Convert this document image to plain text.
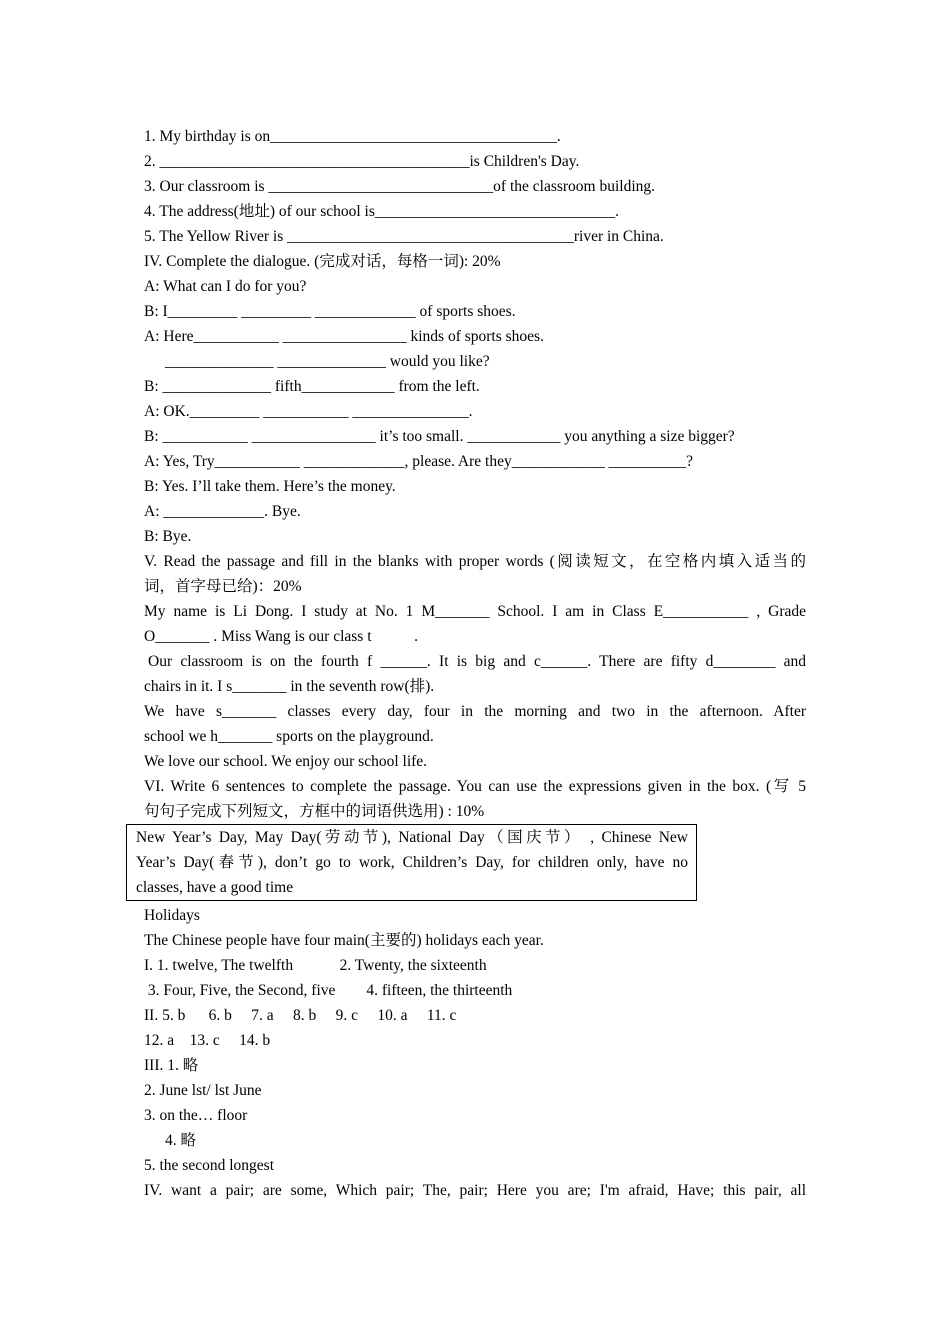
1. My birthday is on_____________________________________.
2. ________________________________________is Children's Day.
3. Our classroom is _____________________________of the classroom building.
4. The address(地址) of our school is_______________________________.
5. The Yellow River is _____________________________________river in China.
IV. Complete the dialogue. (完成对话，每格一词): 20%
A: What can I do for you?
B: I_________ _________ _____________ of sports shoes.
A: Here___________ ________________ kinds of sports shoes.
______________ ______________ would you like?
B: ______________ fifth____________ from the left.
A: OK._________ ___________ _______________.
B: ___________ ________________ it’s too small. ____________ you anything a size bigger?
A: Yes, Try___________ _____________, please. Are they____________ __________?
B: Yes. I’ll take them. Here’s the money.
A: _____________. Bye.
B: Bye.
V. Read the passage and fill in the blanks with proper words (阅读短文，在空格内填入适当的
词，首字母已给)：20%
My name is Li Dong. I study at No. 1 M_______ School. I am in Class E___________ , Grade
O_______ . Miss Wang is our class t           .
Our classroom is on the fourth f ______. It is big and c______. There are fifty d________ and
chairs in it. I s_______ in the seventh row(排).
We have s_______ classes every day, four in the morning and two in the afternoon. After
school we h_______ sports on the playground.
We love our school. We enjoy our school life.
VI. Write 6 sentences to complete the passage. You can use the expressions given in the box. (写 5
句句子完成下列短文，方框中的词语供选用) : 10%
New Year’s Day, May Day(劳动节), National Day（国庆节） , Chinese New
Year’s Day(春节), don’t go to work, Children’s Day, for children only, have no
classes, have a good time
Holidays
The Chinese people have four main(主要的) holidays each year.
I. 1. twelve, The twelfth            2. Twenty, the sixteenth
3. Four, Five, the Second, five        4. fifteen, the thirteenth
II. 5. b      6. b     7. a     8. b     9. c     10. a     11. c
12. a    13. c     14. b
III. 1. 略
2. June lst/ lst June
3. on the… floor
4. 略
5. the second longest
IV. want a pair; are some, Which pair; The, pair; Here you are; I'm afraid, Have; this pair, all
